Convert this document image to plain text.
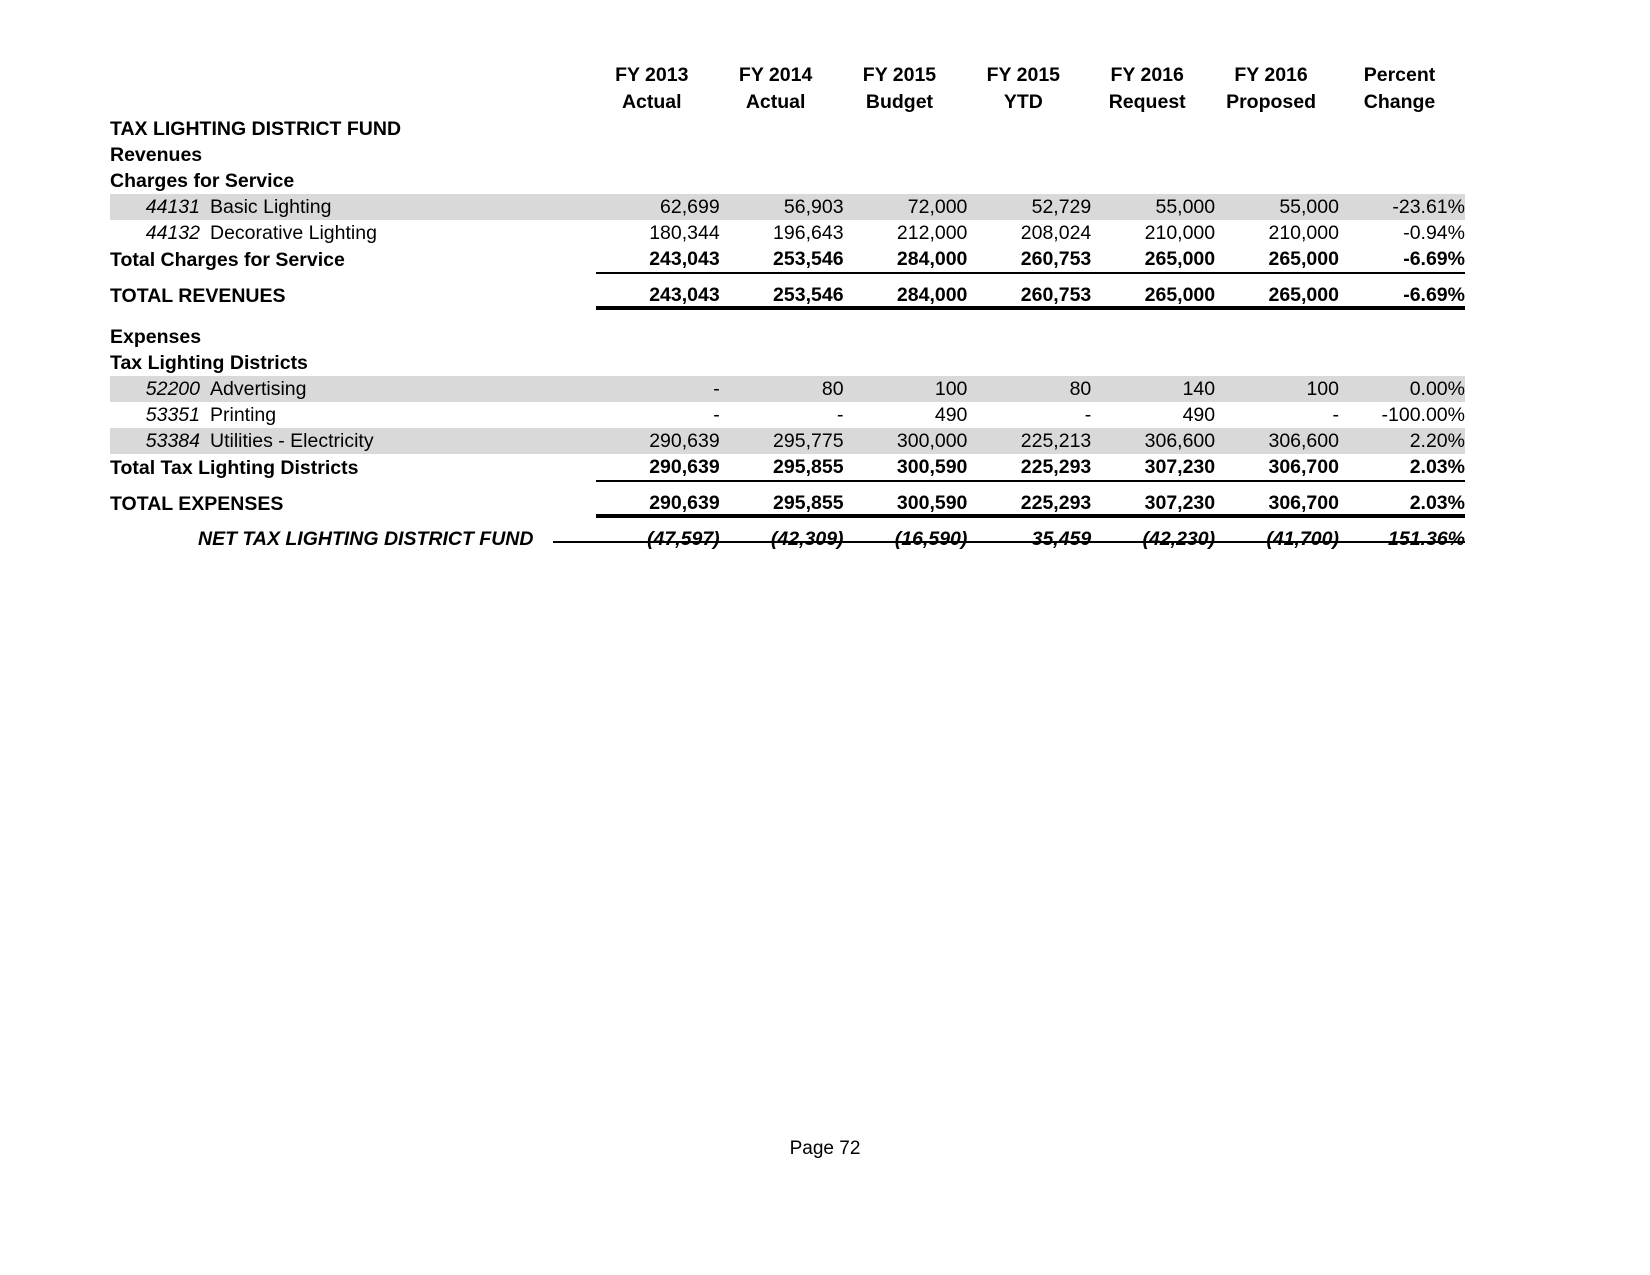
	FY 2013	FY 2014	FY 2015	FY 2015	FY 2016	FY 2016	Percent
	Actual	Actual	Budget	YTD	Request	Proposed	Change
TAX LIGHTING DISTRICT FUND							
Revenues							
Charges for Service							
44131 Basic Lighting	62,699	56,903	72,000	52,729	55,000	55,000	-23.61%
44132 Decorative Lighting	180,344	196,643	212,000	208,024	210,000	210,000	-0.94%
Total Charges for Service	243,043	253,546	284,000	260,753	265,000	265,000	-6.69%

TOTAL REVENUES	243,043	253,546	284,000	260,753	265,000	265,000	-6.69%

Expenses							
Tax Lighting Districts							
52200 Advertising	-	80	100	80	140	100	0.00%
53351 Printing	-	-	490	-	490	-	-100.00%
53384 Utilities - Electricity	290,639	295,775	300,000	225,213	306,600	306,600	2.20%
Total Tax Lighting Districts	290,639	295,855	300,590	225,293	307,230	306,700	2.03%

TOTAL EXPENSES	290,639	295,855	300,590	225,293	307,230	306,700	2.03%

NET TAX LIGHTING DISTRICT FUND	(47,597)	(42,309)	(16,590)	35,459	(42,230)	(41,700)	151.36%
Page 72
